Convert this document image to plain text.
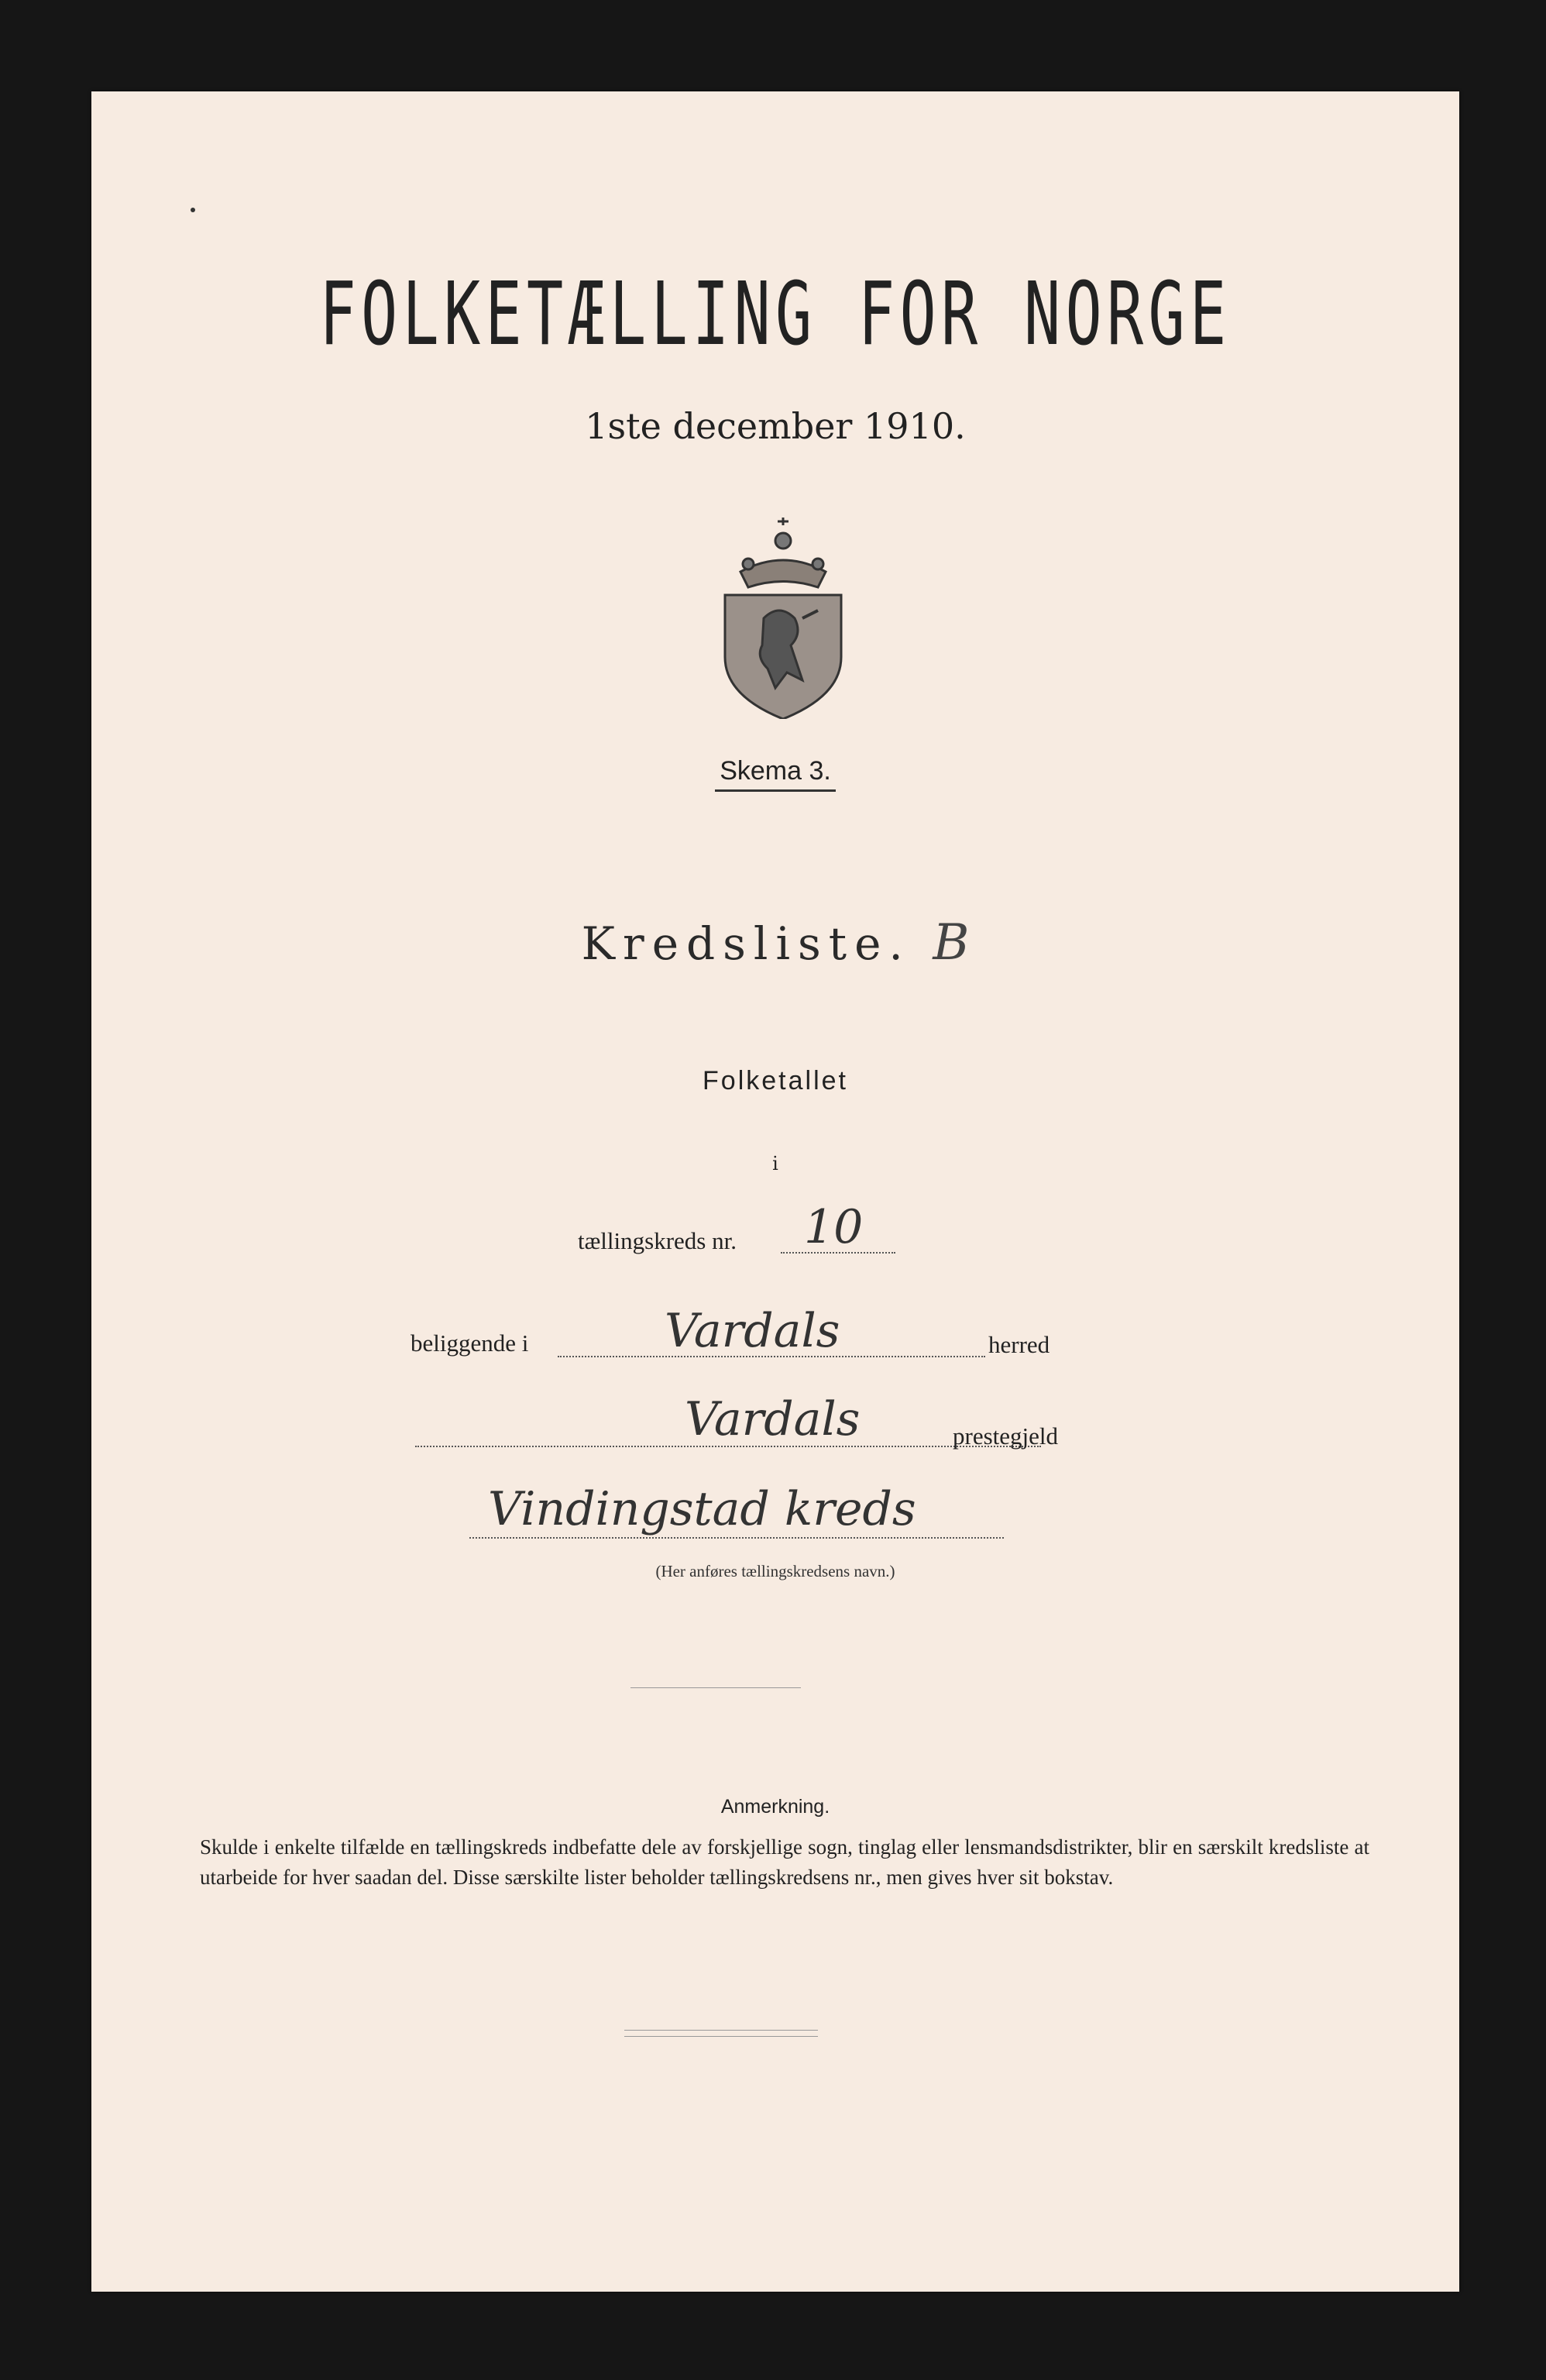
FOLKETÆLLING FOR NORGE
1ste december 1910.
Skema 3.
Kredsliste. B
Folketallet
i
tællingskreds nr. 10
beliggende i	Vardals	herred
Vardals	prestegjeld
Vindingstad kreds
(Her anføres tællingskredsens navn.)
Anmerkning.
Skulde i enkelte tilfælde en tællingskreds indbefatte dele av forskjellige sogn, tinglag eller lensmandsdistrikter, blir en særskilt kredsliste at utarbeide for hver saadan del. Disse særskilte lister beholder tællingskredsens nr., men gives hver sit bokstav.
